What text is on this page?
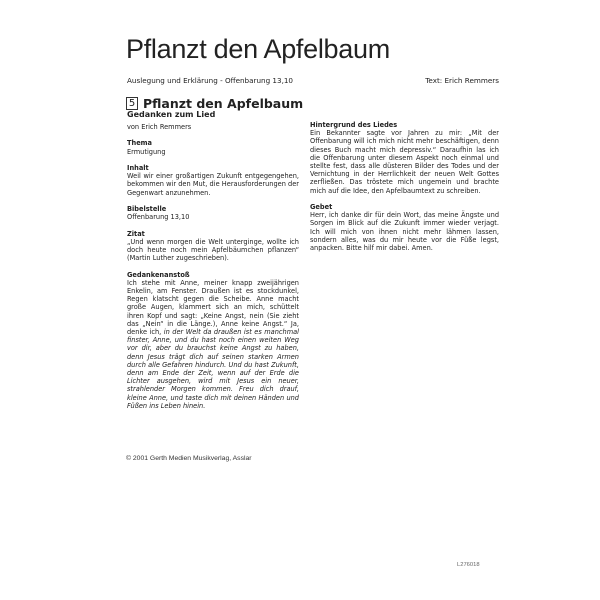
Pflanzt den Apfelbaum
Auslegung und Erklärung - Offenbarung 13,10	Text: Erich Remmers
5 Pflanzt den Apfelbaum
Gedanken zum Lied
von Erich Remmers
Thema

Ermutigung

Inhalt

Weil wir einer großartigen Zukunft entgegengehen, bekommen wir den Mut, die Herausforderungen der Gegenwart anzunehmen.

Bibelstelle

Offenbarung 13,10

Zitat

„Und wenn morgen die Welt unterginge, wollte ich doch heute noch mein Apfelbäumchen pflanzen“ (Martin Luther zugeschrieben).

Gedankenanstoß

Ich stehe mit Anne, meiner knapp zweijährigen Enkelin, am Fenster. Draußen ist es stockdunkel, Regen klatscht gegen die Scheibe. Anne macht große Augen, klammert sich an mich, schüttelt ihren Kopf und sagt: „Keine Angst, nein (Sie zieht das „Nein“ in die Länge.), Anne keine Angst.“ Ja, denke ich, in der Welt da draußen ist es manchmal finster, Anne, und du hast noch einen weiten Weg vor dir, aber du brauchst keine Angst zu haben, denn Jesus trägt dich auf seinen starken Armen durch alle Gefahren hindurch. Und du hast Zukunft, denn am Ende der Zeit, wenn auf der Erde die Lichter ausgehen, wird mit Jesus ein neuer, strahlender Morgen kommen. Freu dich drauf, kleine Anne, und taste dich mit deinen Händen und Füßen ins Leben hinein.

Hintergrund des Liedes

Ein Bekannter sagte vor Jahren zu mir: „Mit der Offenbarung will ich mich nicht mehr beschäftigen, denn dieses Buch macht mich depressiv.“ Daraufhin las ich die Offenbarung unter diesem Aspekt noch einmal und stellte fest, dass alle düsteren Bilder des Todes und der Vernichtung in der Herrlichkeit der neuen Welt Gottes zerfließen. Das tröstete mich ungemein und brachte mich auf die Idee, den Apfelbaumtext zu schreiben.

Gebet

Herr, ich danke dir für dein Wort, das meine Ängste und Sorgen im Blick auf die Zukunft immer wieder verjagt. Ich will mich von ihnen nicht mehr lähmen lassen, sondern alles, was du mir heute vor die Füße legst, anpacken. Bitte hilf mir dabei. Amen.

© 2001 Gerth Medien Musikverlag, Asslar
L276018
